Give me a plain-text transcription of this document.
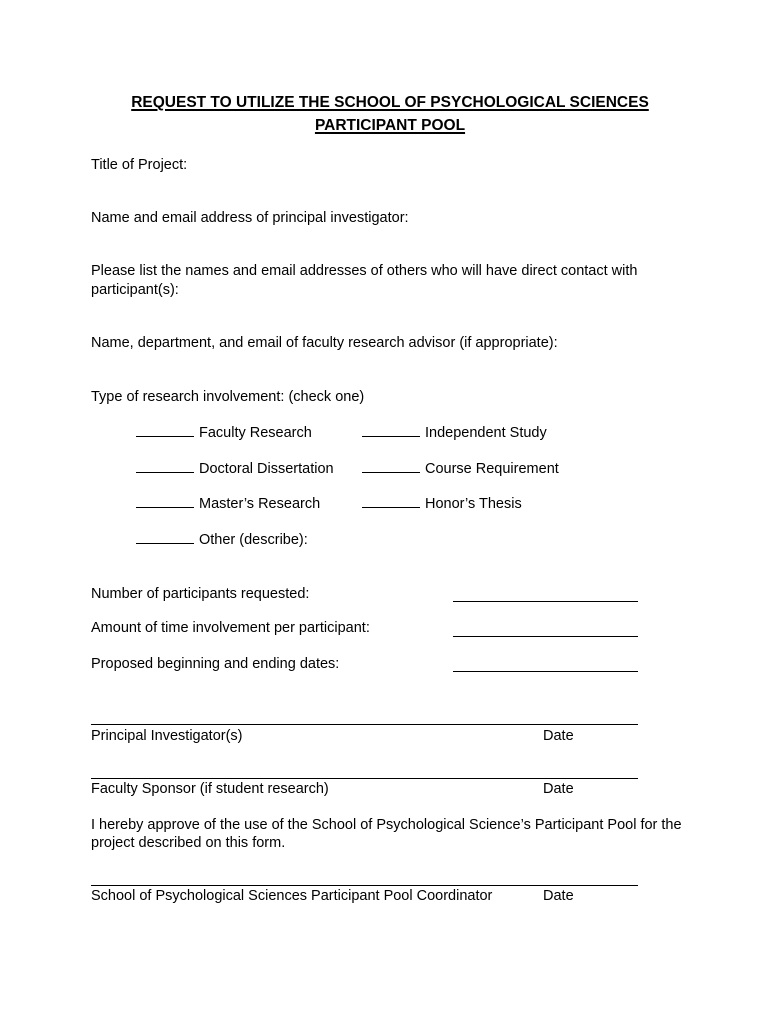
REQUEST TO UTILIZE THE SCHOOL OF PSYCHOLOGICAL SCIENCES
PARTICIPANT POOL
Title of Project:
Name and email address of principal investigator:
Please list the names and email addresses of others who will have direct contact with
participant(s):
Name, department, and email of faculty research advisor (if appropriate):
Type of research involvement: (check one)
Faculty Research	Independent Study
Doctoral Dissertation	Course Requirement
Master’s Research	Honor’s Thesis
Other (describe):
Number of participants requested:
Amount of time involvement per participant:
Proposed beginning and ending dates:
Principal Investigator(s)	Date
Faculty Sponsor (if student research)	Date
I hereby approve of the use of the School of Psychological Science’s Participant Pool for the
project described on this form.
School of Psychological Sciences Participant Pool Coordinator	Date
